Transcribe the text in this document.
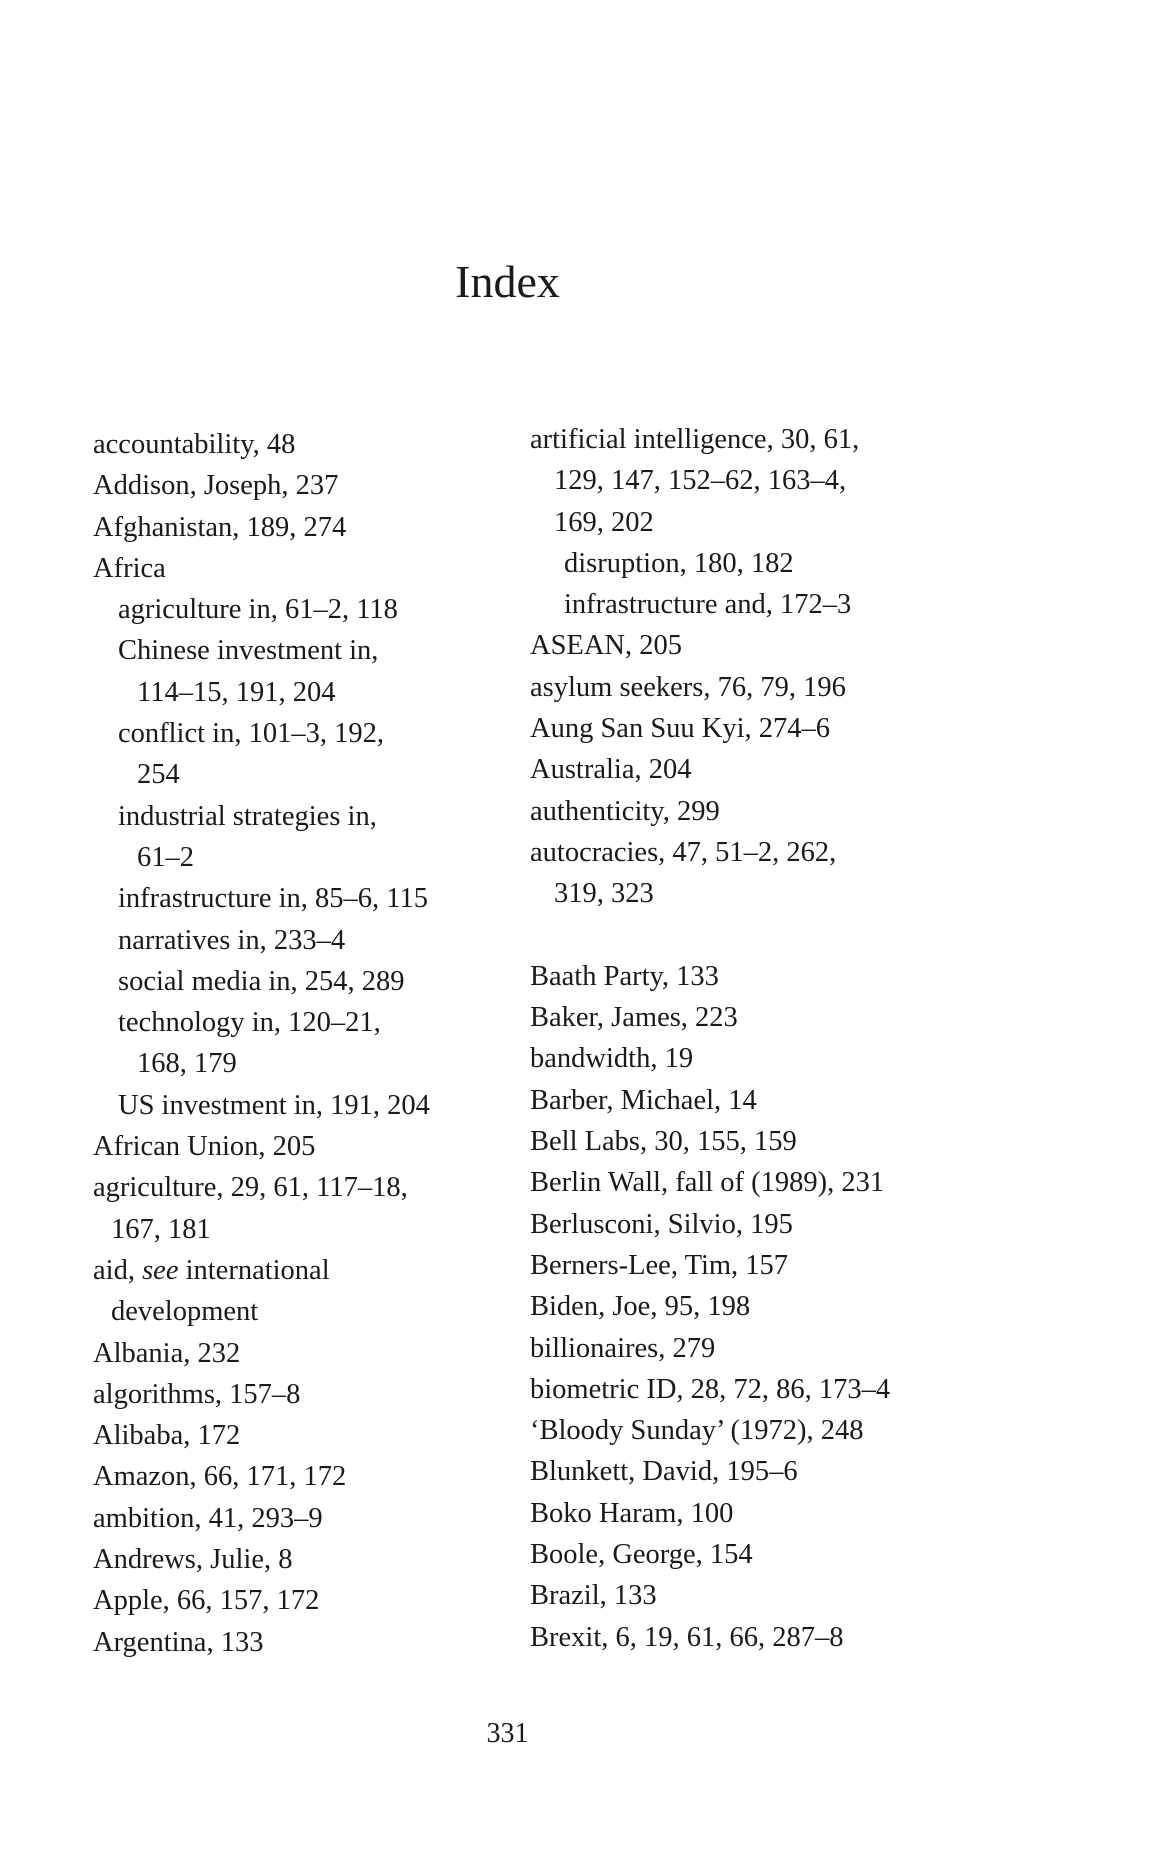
Index
accountability, 48
Addison, Joseph, 237
Afghanistan, 189, 274
Africa
agriculture in, 61–2, 118
Chinese investment in,
114–15, 191, 204
conflict in, 101–3, 192,
254
industrial strategies in,
61–2
infrastructure in, 85–6, 115
narratives in, 233–4
social media in, 254, 289
technology in, 120–21,
168, 179
US investment in, 191, 204
African Union, 205
agriculture, 29, 61, 117–18,
167, 181
aid, see international
development
Albania, 232
algorithms, 157–8
Alibaba, 172
Amazon, 66, 171, 172
ambition, 41, 293–9
Andrews, Julie, 8
Apple, 66, 157, 172
Argentina, 133
artificial intelligence, 30, 61,
129, 147, 152–62, 163–4,
169, 202
disruption, 180, 182
infrastructure and, 172–3
ASEAN, 205
asylum seekers, 76, 79, 196
Aung San Suu Kyi, 274–6
Australia, 204
authenticity, 299
autocracies, 47, 51–2, 262,
319, 323
Baath Party, 133
Baker, James, 223
bandwidth, 19
Barber, Michael, 14
Bell Labs, 30, 155, 159
Berlin Wall, fall of (1989), 231
Berlusconi, Silvio, 195
Berners-Lee, Tim, 157
Biden, Joe, 95, 198
billionaires, 279
biometric ID, 28, 72, 86, 173–4
‘Bloody Sunday’ (1972), 248
Blunkett, David, 195–6
Boko Haram, 100
Boole, George, 154
Brazil, 133
Brexit, 6, 19, 61, 66, 287–8
331
